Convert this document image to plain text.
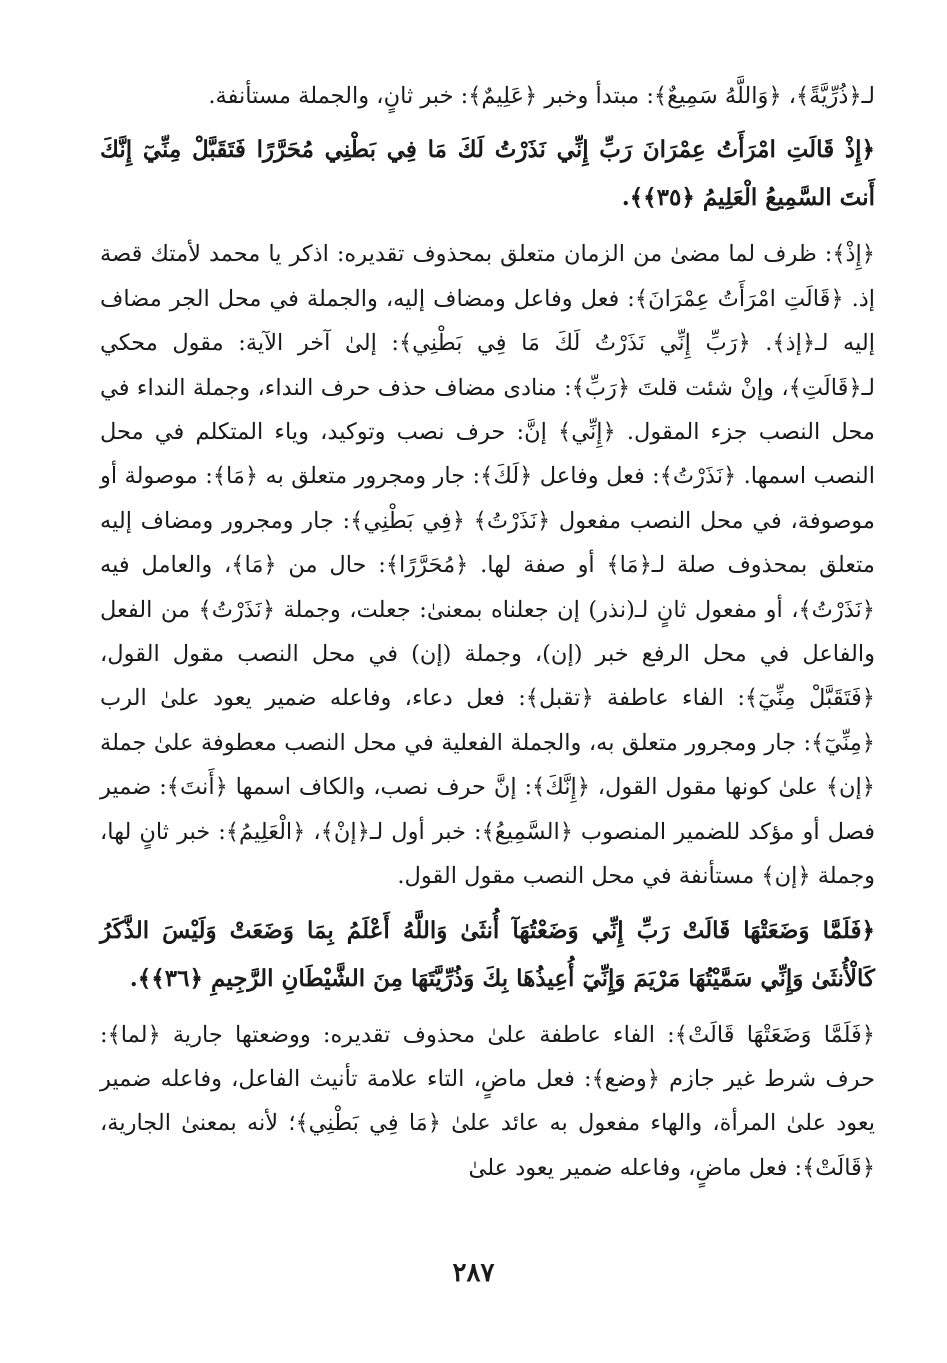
لـ﴿ذُرِّيَّةً﴾، ﴿وَاللَّهُ سَمِيعٌ﴾: مبتدأ وخبر ﴿عَلِيمٌ﴾: خبر ثانٍ، والجملة مستأنفة.

﴿إِذْ قَالَتِ امْرَأَتُ عِمْرَانَ رَبِّ إِنِّي نَذَرْتُ لَكَ مَا فِي بَطْنِي مُحَرَّرًا فَتَقَبَّلْ مِنِّيٓ إِنَّكَ أَنتَ السَّمِيعُ الْعَلِيمُ ﴿٣٥﴾﴾.

﴿إِذْ﴾: ظرف لما مضىٰ من الزمان متعلق بمحذوف تقديره: اذكر يا محمد لأمتك قصة إذ. ﴿قَالَتِ امْرَأَتُ عِمْرَانَ﴾: فعل وفاعل ومضاف إليه، والجملة في محل الجر مضاف إليه لـ﴿إذ﴾. ﴿رَبِّ إِنِّي نَذَرْتُ لَكَ مَا فِي بَطْنِي﴾: إلىٰ آخر الآية: مقول محكي لـ﴿قَالَتِ﴾، وإنْ شئت قلتَ ﴿رَبِّ﴾: منادى مضاف حذف حرف النداء، وجملة النداء في محل النصب جزء المقول. ﴿إِنِّي﴾ إنَّ: حرف نصب وتوكيد، وياء المتكلم في محل النصب اسمها. ﴿نَذَرْتُ﴾: فعل وفاعل ﴿لَكَ﴾: جار ومجرور متعلق به ﴿مَا﴾: موصولة أو موصوفة، في محل النصب مفعول ﴿نَذَرْتُ﴾ ﴿فِي بَطْنِي﴾: جار ومجرور ومضاف إليه متعلق بمحذوف صلة لـ﴿مَا﴾ أو صفة لها. ﴿مُحَرَّرًا﴾: حال من ﴿مَا﴾، والعامل فيه ﴿نَذَرْتُ﴾، أو مفعول ثانٍ لـ(نذر) إن جعلناه بمعنىٰ: جعلت، وجملة ﴿نَذَرْتُ﴾ من الفعل والفاعل في محل الرفع خبر (إن)، وجملة (إن) في محل النصب مقول القول، ﴿فَتَقَبَّلْ مِنِّيٓ﴾: الفاء عاطفة ﴿تقبل﴾: فعل دعاء، وفاعله ضمير يعود علىٰ الرب ﴿مِنِّيٓ﴾: جار ومجرور متعلق به، والجملة الفعلية في محل النصب معطوفة علىٰ جملة ﴿إن﴾ علىٰ كونها مقول القول، ﴿إِنَّكَ﴾: إنَّ حرف نصب، والكاف اسمها ﴿أَنتَ﴾: ضمير فصل أو مؤكد للضمير المنصوب ﴿السَّمِيعُ﴾: خبر أول لـ﴿إنْ﴾، ﴿الْعَلِيمُ﴾: خبر ثانٍ لها، وجملة ﴿إن﴾ مستأنفة في محل النصب مقول القول.

﴿فَلَمَّا وَضَعَتْهَا قَالَتْ رَبِّ إِنِّي وَضَعْتُهَآ أُنثَىٰ وَاللَّهُ أَعْلَمُ بِمَا وَضَعَتْ وَلَيْسَ الذَّكَرُ كَالْأُنثَىٰ وَإِنِّي سَمَّيْتُهَا مَرْيَمَ وَإِنِّيٓ أُعِيذُهَا بِكَ وَذُرِّيَّتَهَا مِنَ الشَّيْطَانِ الرَّجِيمِ ﴿٣٦﴾﴾.

﴿فَلَمَّا وَضَعَتْهَا قَالَتْ﴾: الفاء عاطفة علىٰ محذوف تقديره: ووضعتها جارية ﴿لما﴾: حرف شرط غير جازم ﴿وضع﴾: فعل ماضٍ، التاء علامة تأنيث الفاعل، وفاعله ضمير يعود علىٰ المرأة، والهاء مفعول به عائد علىٰ ﴿مَا فِي بَطْنِي﴾؛ لأنه بمعنىٰ الجارية، ﴿قَالَتْ﴾: فعل ماضٍ، وفاعله ضمير يعود علىٰ

٢٨٧
